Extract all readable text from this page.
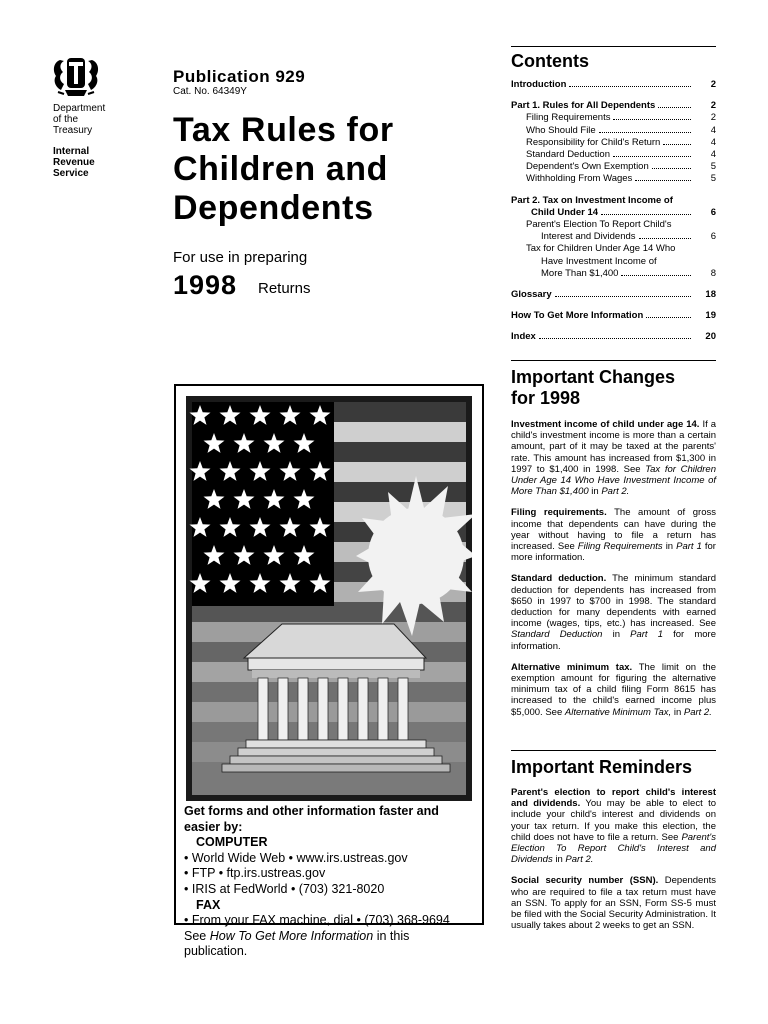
Department
of the
Treasury
Internal
Revenue
Service
Publication 929
Cat. No. 64349Y
Tax Rules for
Children and
Dependents
For use in preparing
1998 Returns
Get forms and other information faster and easier by:
COMPUTER
• World Wide Web • www.irs.ustreas.gov
• FTP • ftp.irs.ustreas.gov
• IRIS at FedWorld • (703) 321-8020
FAX
• From your FAX machine, dial • (703) 368-9694
See How To Get More Information in this publication.
Contents
Introduction	2
Part 1. Rules for All Dependents	2
Filing Requirements	2
Who Should File	4
Responsibility for Child's Return	4
Standard Deduction	4
Dependent's Own Exemption	5
Withholding From Wages	5
Part 2. Tax on Investment Income of
Child Under 14	6
Parent's Election To Report Child's
Interest and Dividends	6
Tax for Children Under Age 14 Who
Have Investment Income of
More Than $1,400	8
Glossary	18
How To Get More Information	19
Index	20
Important Changes
for 1998

Investment income of child under age 14. If a child's investment income is more than a certain amount, part of it may be taxed at the parents' rate. This amount has increased from $1,300 in 1997 to $1,400 in 1998. See Tax for Children Under Age 14 Who Have Investment Income of More Than $1,400 in Part 2.

Filing requirements. The amount of gross income that dependents can have during the year without having to file a return has increased. See Filing Requirements in Part 1 for more information.

Standard deduction. The minimum standard deduction for dependents has increased from $650 in 1997 to $700 in 1998. The standard deduction for many dependents with earned income (wages, tips, etc.) has increased. See Standard Deduction in Part 1 for more information.

Alternative minimum tax. The limit on the exemption amount for figuring the alternative minimum tax of a child filing Form 8615 has increased to the child's earned income plus $5,000. See Alternative Minimum Tax, in Part 2.

Important Reminders

Parent's election to report child's interest and dividends. You may be able to elect to include your child's interest and dividends on your tax return. If you make this election, the child does not have to file a return. See Parent's Election To Report Child's Interest and Dividends in Part 2.

Social security number (SSN). Dependents who are required to file a tax return must have an SSN. To apply for an SSN, Form SS-5 must be filed with the Social Security Administration. It usually takes about 2 weeks to get an SSN.
